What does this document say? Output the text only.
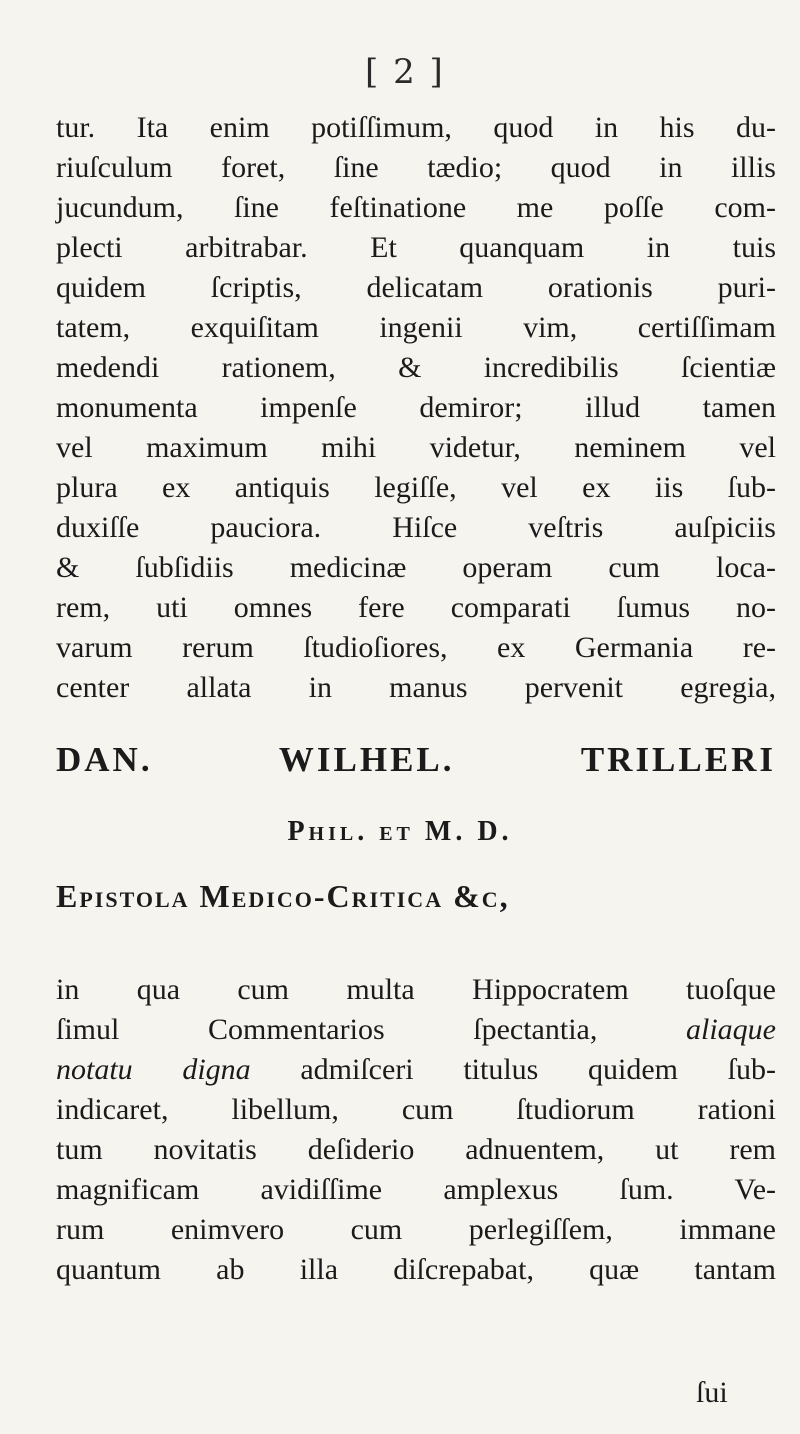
[ 2 ]

tur. Ita enim potiſſimum, quod in his du-
riuſculum foret, ſine tædio; quod in illis
jucundum, ſine feſtinatione me poſſe com-
plecti arbitrabar. Et quanquam in tuis
quidem ſcriptis, delicatam orationis puri-
tatem, exquiſitam ingenii vim, certiſſimam
medendi rationem, & incredibilis ſcientiæ
monumenta impenſe demiror; illud tamen
vel maximum mihi videtur, neminem vel
plura ex antiquis legiſſe, vel ex iis ſub-
duxiſſe pauciora. Hiſce veſtris auſpiciis
& ſubſidiis medicinæ operam cum loca-
rem, uti omnes fere comparati ſumus no-
varum rerum ſtudioſiores, ex Germania re-
center allata in manus pervenit egregia,

DAN. WILHEL. TRILLERI
Phil. et M. D.
Epistola Medico-Critica &c,

in qua cum multa Hippocratem tuoſque
ſimul Commentarios ſpectantia, aliaque
notatu digna admiſceri titulus quidem ſub-
indicaret, libellum, cum ſtudiorum rationi
tum novitatis deſiderio adnuentem, ut rem
magnificam avidiſſime amplexus ſum. Ve-
rum enimvero cum perlegiſſem, immane
quantum ab illa diſcrepabat, quæ tantam

ſui
